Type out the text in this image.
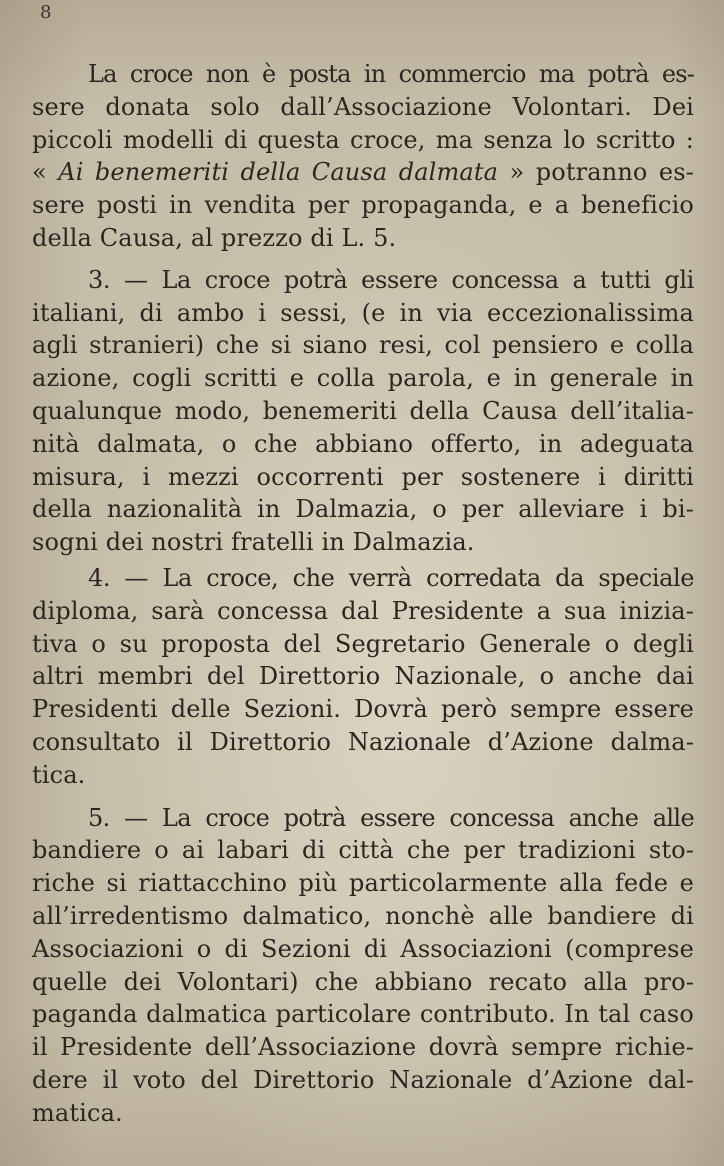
8
La croce non è posta in commercio ma potrà es-
sere donata solo dall’Associazione Volontari. Dei
piccoli modelli di questa croce, ma senza lo scritto :
« Ai benemeriti della Causa dalmata » potranno es-
sere posti in vendita per propaganda, e a beneficio
della Causa, al prezzo di L. 5.
3. — La croce potrà essere concessa a tutti gli
italiani, di ambo i sessi, (e in via eccezionalissima
agli stranieri) che si siano resi, col pensiero e colla
azione, cogli scritti e colla parola, e in generale in
qualunque modo, benemeriti della Causa dell’italia-
nità dalmata, o che abbiano offerto, in adeguata
misura, i mezzi occorrenti per sostenere i diritti
della nazionalità in Dalmazia, o per alleviare i bi-
sogni dei nostri fratelli in Dalmazia.
4. — La croce, che verrà corredata da speciale
diploma, sarà concessa dal Presidente a sua inizia-
tiva o su proposta del Segretario Generale o degli
altri membri del Direttorio Nazionale, o anche dai
Presidenti delle Sezioni. Dovrà però sempre essere
consultato il Direttorio Nazionale d’Azione dalma-
tica.
5. — La croce potrà essere concessa anche alle
bandiere o ai labari di città che per tradizioni sto-
riche si riattacchino più particolarmente alla fede e
all’irredentismo dalmatico, nonchè alle bandiere di
Associazioni o di Sezioni di Associazioni (comprese
quelle dei Volontari) che abbiano recato alla pro-
paganda dalmatica particolare contributo. In tal caso
il Presidente dell’Associazione dovrà sempre richie-
dere il voto del Direttorio Nazionale d’Azione dal-
matica.
